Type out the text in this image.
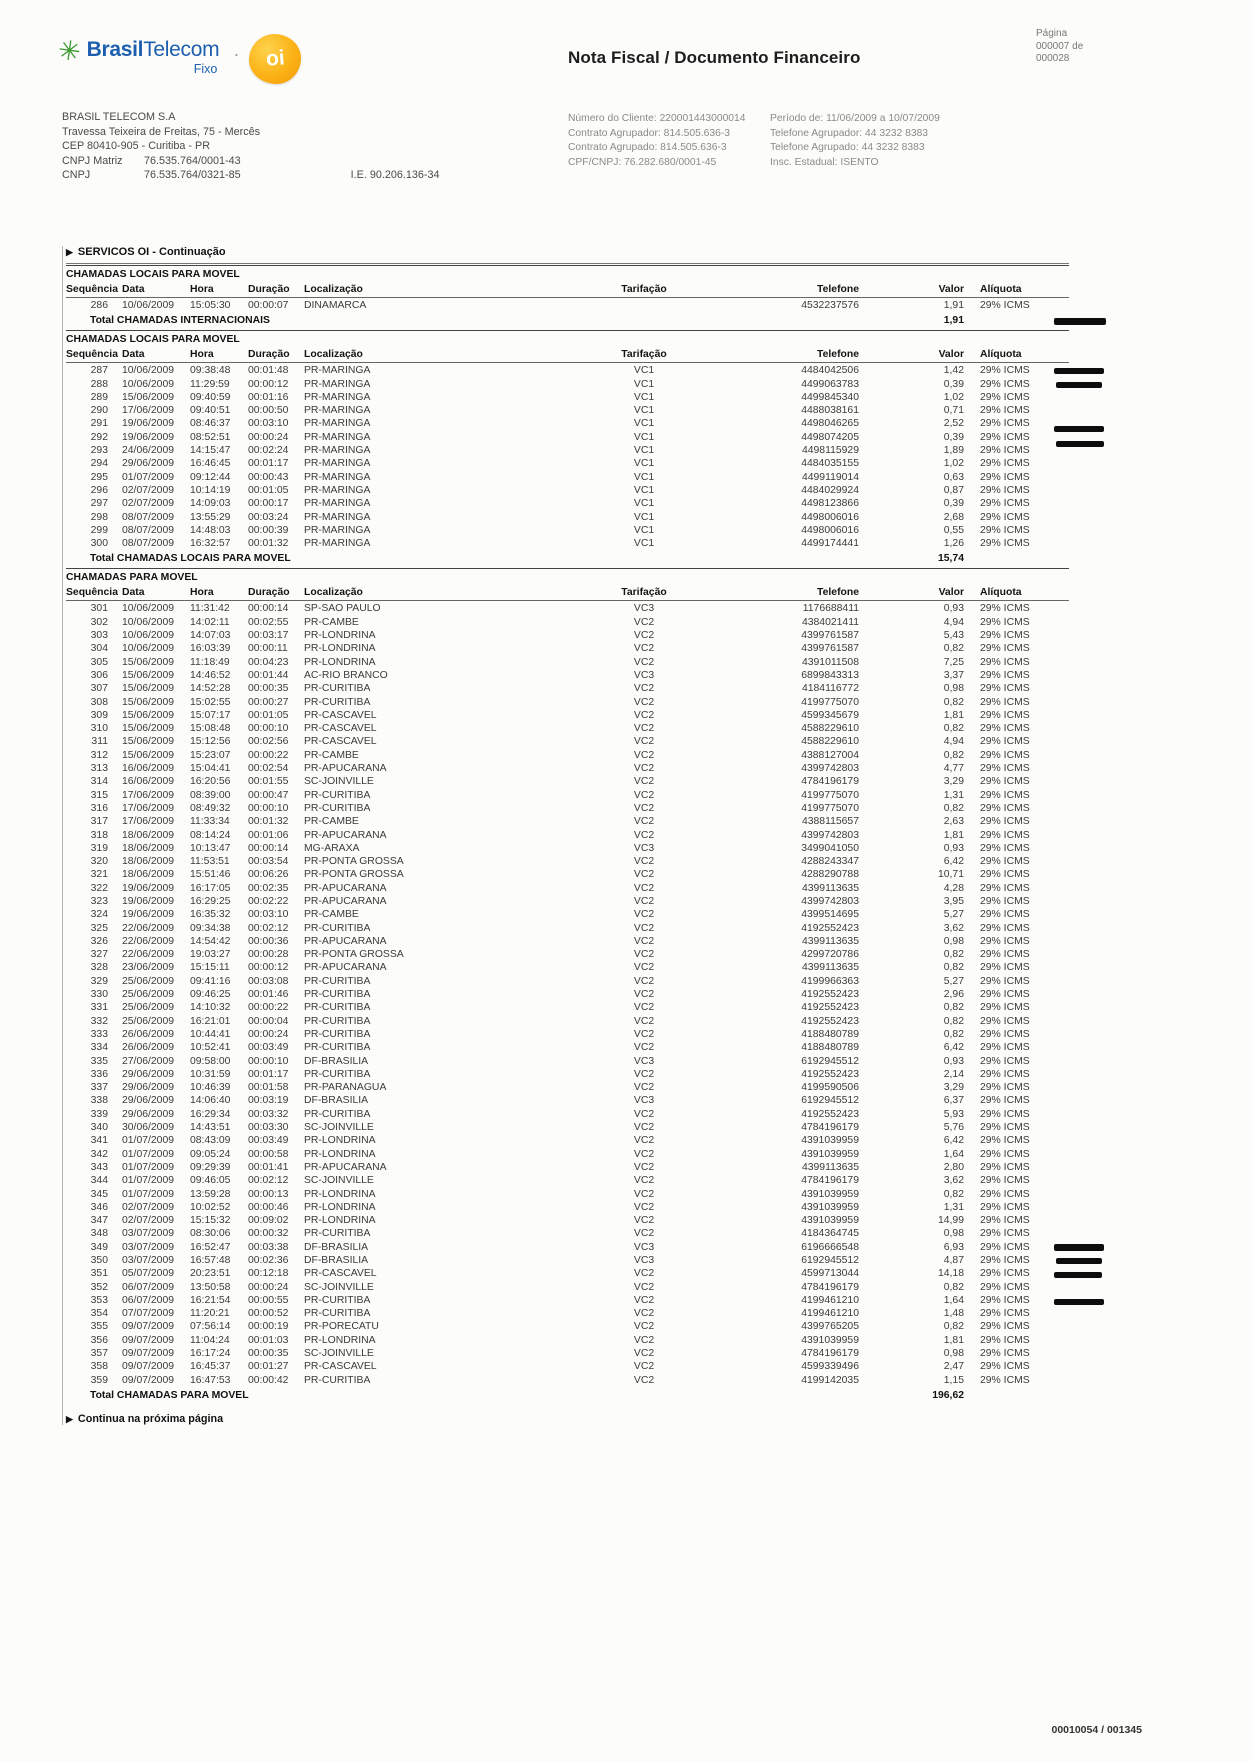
✳ BrasilTelecom
Fixo
· oi	Nota Fiscal / Documento Financeiro
Página
000007 de
000028
BRASIL TELECOM S.A
Travessa Teixeira de Freitas, 75 - Mercês
CEP 80410-905 - Curitiba - PR
CNPJ Matriz	76.535.764/0001-43
CNPJ	76.535.764/0321-85	I.E. 90.206.136-34
Número do Cliente: 220001443000014
Contrato Agrupador: 814.505.636-3
Contrato Agrupado: 814.505.636-3
CPF/CNPJ: 76.282.680/0001-45
Período de: 11/06/2009 a 10/07/2009
Telefone Agrupador: 44 3232 8383
Telefone Agrupado: 44 3232 8383
Insc. Estadual: ISENTO
▶ SERVICOS OI - Continuação
CHAMADAS LOCAIS PARA MOVEL
Sequência Data	Hora	Duração	Localização	Tarifação	Telefone	Valor	Alíquota
286	10/06/2009	15:05:30	00:00:07	DINAMARCA	4532237576	1,91	29% ICMS
Total CHAMADAS INTERNACIONAIS	1,91
CHAMADAS LOCAIS PARA MOVEL
Sequência Data	Hora	Duração	Localização	Tarifação	Telefone	Valor	Alíquota
287	10/06/2009	09:38:48	00:01:48	PR-MARINGA	VC1	4484042506	1,42	29% ICMS
288	10/06/2009	11:29:59	00:00:12	PR-MARINGA	VC1	4499063783	0,39	29% ICMS
289	15/06/2009	09:40:59	00:01:16	PR-MARINGA	VC1	4499845340	1,02	29% ICMS
290	17/06/2009	09:40:51	00:00:50	PR-MARINGA	VC1	4488038161	0,71	29% ICMS
291	19/06/2009	08:46:37	00:03:10	PR-MARINGA	VC1	4498046265	2,52	29% ICMS
292	19/06/2009	08:52:51	00:00:24	PR-MARINGA	VC1	4498074205	0,39	29% ICMS
293	24/06/2009	14:15:47	00:02:24	PR-MARINGA	VC1	4498115929	1,89	29% ICMS
294	29/06/2009	16:46:45	00:01:17	PR-MARINGA	VC1	4484035155	1,02	29% ICMS
295	01/07/2009	09:12:44	00:00:43	PR-MARINGA	VC1	4499119014	0,63	29% ICMS
296	02/07/2009	10:14:19	00:01:05	PR-MARINGA	VC1	4484029924	0,87	29% ICMS
297	02/07/2009	14:09:03	00:00:17	PR-MARINGA	VC1	4498123866	0,39	29% ICMS
298	08/07/2009	13:55:29	00:03:24	PR-MARINGA	VC1	4498006016	2,68	29% ICMS
299	08/07/2009	14:48:03	00:00:39	PR-MARINGA	VC1	4498006016	0,55	29% ICMS
300	08/07/2009	16:32:57	00:01:32	PR-MARINGA	VC1	4499174441	1,26	29% ICMS
Total CHAMADAS LOCAIS PARA MOVEL	15,74
CHAMADAS PARA MOVEL
Sequência Data	Hora	Duração	Localização	Tarifação	Telefone	Valor	Alíquota
301	10/06/2009	11:31:42	00:00:14	SP-SAO PAULO	VC3	1176688411	0,93	29% ICMS
302	10/06/2009	14:02:11	00:02:55	PR-CAMBE	VC2	4384021411	4,94	29% ICMS
303	10/06/2009	14:07:03	00:03:17	PR-LONDRINA	VC2	4399761587	5,43	29% ICMS
304	10/06/2009	16:03:39	00:00:11	PR-LONDRINA	VC2	4399761587	0,82	29% ICMS
305	15/06/2009	11:18:49	00:04:23	PR-LONDRINA	VC2	4391011508	7,25	29% ICMS
306	15/06/2009	14:46:52	00:01:44	AC-RIO BRANCO	VC3	6899843313	3,37	29% ICMS
307	15/06/2009	14:52:28	00:00:35	PR-CURITIBA	VC2	4184116772	0,98	29% ICMS
308	15/06/2009	15:02:55	00:00:27	PR-CURITIBA	VC2	4199775070	0,82	29% ICMS
309	15/06/2009	15:07:17	00:01:05	PR-CASCAVEL	VC2	4599345679	1,81	29% ICMS
310	15/06/2009	15:08:48	00:00:10	PR-CASCAVEL	VC2	4588229610	0,82	29% ICMS
311	15/06/2009	15:12:56	00:02:56	PR-CASCAVEL	VC2	4588229610	4,94	29% ICMS
312	15/06/2009	15:23:07	00:00:22	PR-CAMBE	VC2	4388127004	0,82	29% ICMS
313	16/06/2009	15:04:41	00:02:54	PR-APUCARANA	VC2	4399742803	4,77	29% ICMS
314	16/06/2009	16:20:56	00:01:55	SC-JOINVILLE	VC2	4784196179	3,29	29% ICMS
315	17/06/2009	08:39:00	00:00:47	PR-CURITIBA	VC2	4199775070	1,31	29% ICMS
316	17/06/2009	08:49:32	00:00:10	PR-CURITIBA	VC2	4199775070	0,82	29% ICMS
317	17/06/2009	11:33:34	00:01:32	PR-CAMBE	VC2	4388115657	2,63	29% ICMS
318	18/06/2009	08:14:24	00:01:06	PR-APUCARANA	VC2	4399742803	1,81	29% ICMS
319	18/06/2009	10:13:47	00:00:14	MG-ARAXA	VC3	3499041050	0,93	29% ICMS
320	18/06/2009	11:53:51	00:03:54	PR-PONTA GROSSA	VC2	4288243347	6,42	29% ICMS
321	18/06/2009	15:51:46	00:06:26	PR-PONTA GROSSA	VC2	4288290788	10,71	29% ICMS
322	19/06/2009	16:17:05	00:02:35	PR-APUCARANA	VC2	4399113635	4,28	29% ICMS
323	19/06/2009	16:29:25	00:02:22	PR-APUCARANA	VC2	4399742803	3,95	29% ICMS
324	19/06/2009	16:35:32	00:03:10	PR-CAMBE	VC2	4399514695	5,27	29% ICMS
325	22/06/2009	09:34:38	00:02:12	PR-CURITIBA	VC2	4192552423	3,62	29% ICMS
326	22/06/2009	14:54:42	00:00:36	PR-APUCARANA	VC2	4399113635	0,98	29% ICMS
327	22/06/2009	19:03:27	00:00:28	PR-PONTA GROSSA	VC2	4299720786	0,82	29% ICMS
328	23/06/2009	15:15:11	00:00:12	PR-APUCARANA	VC2	4399113635	0,82	29% ICMS
329	25/06/2009	09:41:16	00:03:08	PR-CURITIBA	VC2	4199966363	5,27	29% ICMS
330	25/06/2009	09:46:25	00:01:46	PR-CURITIBA	VC2	4192552423	2,96	29% ICMS
331	25/06/2009	14:10:32	00:00:22	PR-CURITIBA	VC2	4192552423	0,82	29% ICMS
332	25/06/2009	16:21:01	00:00:04	PR-CURITIBA	VC2	4192552423	0,82	29% ICMS
333	26/06/2009	10:44:41	00:00:24	PR-CURITIBA	VC2	4188480789	0,82	29% ICMS
334	26/06/2009	10:52:41	00:03:49	PR-CURITIBA	VC2	4188480789	6,42	29% ICMS
335	27/06/2009	09:58:00	00:00:10	DF-BRASILIA	VC3	6192945512	0,93	29% ICMS
336	29/06/2009	10:31:59	00:01:17	PR-CURITIBA	VC2	4192552423	2,14	29% ICMS
337	29/06/2009	10:46:39	00:01:58	PR-PARANAGUA	VC2	4199590506	3,29	29% ICMS
338	29/06/2009	14:06:40	00:03:19	DF-BRASILIA	VC3	6192945512	6,37	29% ICMS
339	29/06/2009	16:29:34	00:03:32	PR-CURITIBA	VC2	4192552423	5,93	29% ICMS
340	30/06/2009	14:43:51	00:03:30	SC-JOINVILLE	VC2	4784196179	5,76	29% ICMS
341	01/07/2009	08:43:09	00:03:49	PR-LONDRINA	VC2	4391039959	6,42	29% ICMS
342	01/07/2009	09:05:24	00:00:58	PR-LONDRINA	VC2	4391039959	1,64	29% ICMS
343	01/07/2009	09:29:39	00:01:41	PR-APUCARANA	VC2	4399113635	2,80	29% ICMS
344	01/07/2009	09:46:05	00:02:12	SC-JOINVILLE	VC2	4784196179	3,62	29% ICMS
345	01/07/2009	13:59:28	00:00:13	PR-LONDRINA	VC2	4391039959	0,82	29% ICMS
346	02/07/2009	10:02:52	00:00:46	PR-LONDRINA	VC2	4391039959	1,31	29% ICMS
347	02/07/2009	15:15:32	00:09:02	PR-LONDRINA	VC2	4391039959	14,99	29% ICMS
348	03/07/2009	08:30:06	00:00:32	PR-CURITIBA	VC2	4184364745	0,98	29% ICMS
349	03/07/2009	16:52:47	00:03:38	DF-BRASILIA	VC3	6196666548	6,93	29% ICMS
350	03/07/2009	16:57:48	00:02:36	DF-BRASILIA	VC3	6192945512	4,87	29% ICMS
351	05/07/2009	20:23:51	00:12:18	PR-CASCAVEL	VC2	4599713044	14,18	29% ICMS
352	06/07/2009	13:50:58	00:00:24	SC-JOINVILLE	VC2	4784196179	0,82	29% ICMS
353	06/07/2009	16:21:54	00:00:55	PR-CURITIBA	VC2	4199461210	1,64	29% ICMS
354	07/07/2009	11:20:21	00:00:52	PR-CURITIBA	VC2	4199461210	1,48	29% ICMS
355	09/07/2009	07:56:14	00:00:19	PR-PORECATU	VC2	4399765205	0,82	29% ICMS
356	09/07/2009	11:04:24	00:01:03	PR-LONDRINA	VC2	4391039959	1,81	29% ICMS
357	09/07/2009	16:17:24	00:00:35	SC-JOINVILLE	VC2	4784196179	0,98	29% ICMS
358	09/07/2009	16:45:37	00:01:27	PR-CASCAVEL	VC2	4599339496	2,47	29% ICMS
359	09/07/2009	16:47:53	00:00:42	PR-CURITIBA	VC2	4199142035	1,15	29% ICMS
Total CHAMADAS PARA MOVEL	196,62
▶ Continua na próxima página
00010054 / 001345
